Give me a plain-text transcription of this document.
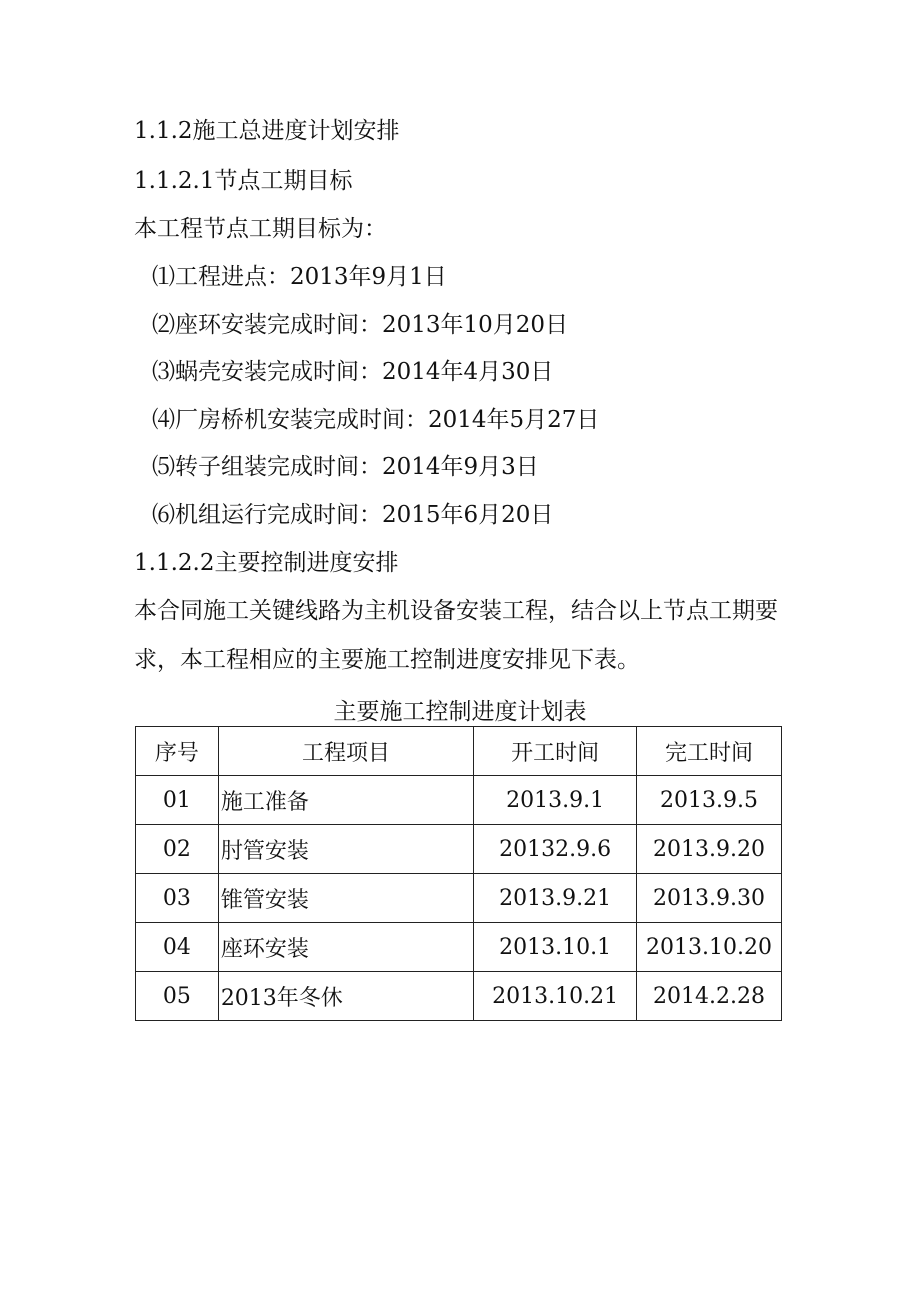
1.1.2施工总进度计划安排
1.1.2.1节点工期目标
本工程节点工期目标为：
⑴工程进点：2013年9月1日
⑵座环安装完成时间：2013年10月20日
⑶蜗壳安装完成时间：2014年4月30日
⑷厂房桥机安装完成时间：2014年5月27日
⑸转子组装完成时间：2014年9月3日
⑹机组运行完成时间：2015年6月20日
1.1.2.2主要控制进度安排
本合同施工关键线路为主机设备安装工程，结合以上节点工期要
求，本工程相应的主要施工控制进度安排见下表。
主要施工控制进度计划表
序号	工程项目	开工时间	完工时间
01	施工准备	2013.9.1	2013.9.5
02	肘管安装	20132.9.6	2013.9.20
03	锥管安装	2013.9.21	2013.9.30
04	座环安装	2013.10.1	2013.10.20
05	2013年冬休	2013.10.21	2014.2.28
